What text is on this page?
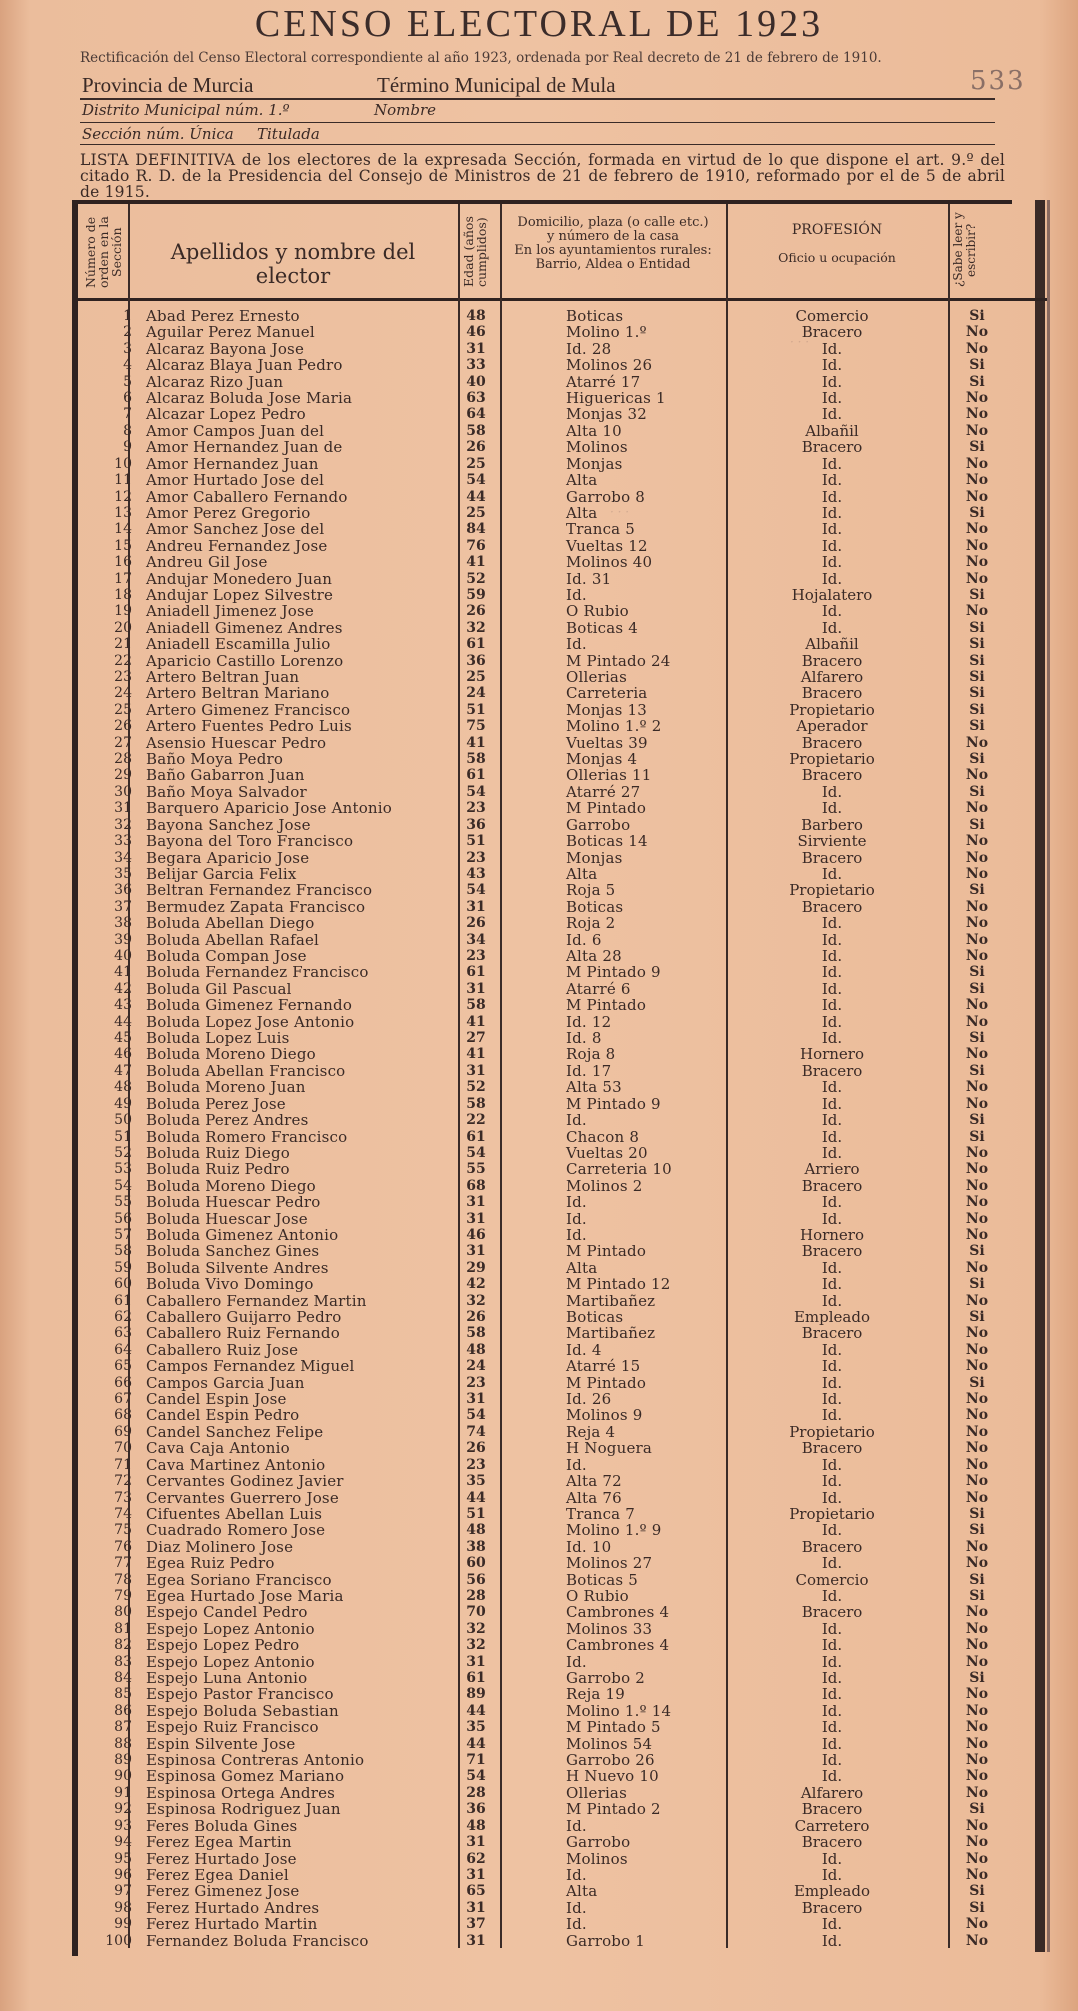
CENSO ELECTORAL DE 1923
Rectificación del Censo Electoral correspondiente al año 1923, ordenada por Real decreto de 21 de febrero de 1910.
533
Provincia de Murcia	Término Municipal de Mula
Distrito Municipal núm. 1.º	Nombre
Sección núm. Única Titulada
LISTA DEFINITIVA de los electores de la expresada Sección, formada en virtud de lo que dispone el art. 9.º del citado R. D. de la Presidencia del Consejo de Ministros de 21 de febrero de 1910, reformado por el de 5 de abril de 1915.
Número de orden en la Sección	Apellidos y nombre del elector	Edad (años cumplidos)	Domicilio, plaza (o calle etc.)
y número de la casa
En los ayuntamientos rurales:
Barrio, Aldea o Entidad
PROFESIÓN
Oficio u ocupación	¿Sabe leer y escribir?
· · ·
· · ·
1 Abad Perez Ernesto	48	Boticas	Comercio	Si
2 Aguilar Perez Manuel	46	Molino 1.º	Bracero	No
3 Alcaraz Bayona Jose	31	Id. 28	Id.	No
4 Alcaraz Blaya Juan Pedro	33	Molinos 26	Id.	Si
5 Alcaraz Rizo Juan	40	Atarré 17	Id.	Si
6 Alcaraz Boluda Jose Maria	63	Higuericas 1	Id.	No
7 Alcazar Lopez Pedro	64	Monjas 32	Id.	No
8 Amor Campos Juan del	58	Alta 10	Albañil	No
9 Amor Hernandez Juan de	26	Molinos	Bracero	Si
10 Amor Hernandez Juan	25	Monjas	Id.	No
11 Amor Hurtado Jose del	54	Alta	Id.	No
12 Amor Caballero Fernando	44	Garrobo 8	Id.	No
13 Amor Perez Gregorio	25	Alta	Id.	Si
14 Amor Sanchez Jose del	84	Tranca 5	Id.	No
15 Andreu Fernandez Jose	76	Vueltas 12	Id.	No
16 Andreu Gil Jose	41	Molinos 40	Id.	No
17 Andujar Monedero Juan	52	Id. 31	Id.	No
18 Andujar Lopez Silvestre	59	Id.	Hojalatero	Si
19 Aniadell Jimenez Jose	26	O Rubio	Id.	No
20 Aniadell Gimenez Andres	32	Boticas 4	Id.	Si
21 Aniadell Escamilla Julio	61	Id.	Albañil	Si
22 Aparicio Castillo Lorenzo	36	M Pintado 24	Bracero	Si
23 Artero Beltran Juan	25	Ollerias	Alfarero	Si
24 Artero Beltran Mariano	24	Carreteria	Bracero	Si
25 Artero Gimenez Francisco	51	Monjas 13	Propietario	Si
26 Artero Fuentes Pedro Luis	75	Molino 1.º 2	Aperador	Si
27 Asensio Huescar Pedro	41	Vueltas 39	Bracero	No
28 Baño Moya Pedro	58	Monjas 4	Propietario	Si
29 Baño Gabarron Juan	61	Ollerias 11	Bracero	No
30 Baño Moya Salvador	54	Atarré 27	Id.	Si
31 Barquero Aparicio Jose Antonio	23	M Pintado	Id.	No
32 Bayona Sanchez Jose	36	Garrobo	Barbero	Si
33 Bayona del Toro Francisco	51	Boticas 14	Sirviente	No
34 Begara Aparicio Jose	23	Monjas	Bracero	No
35 Belijar Garcia Felix	43	Alta	Id.	No
36 Beltran Fernandez Francisco	54	Roja 5	Propietario	Si
37 Bermudez Zapata Francisco	31	Boticas	Bracero	No
38 Boluda Abellan Diego	26	Roja 2	Id.	No
39 Boluda Abellan Rafael	34	Id. 6	Id.	No
40 Boluda Compan Jose	23	Alta 28	Id.	No
41 Boluda Fernandez Francisco	61	M Pintado 9	Id.	Si
42 Boluda Gil Pascual	31	Atarré 6	Id.	Si
43 Boluda Gimenez Fernando	58	M Pintado	Id.	No
44 Boluda Lopez Jose Antonio	41	Id. 12	Id.	No
45 Boluda Lopez Luis	27	Id. 8	Id.	Si
46 Boluda Moreno Diego	41	Roja 8	Hornero	No
47 Boluda Abellan Francisco	31	Id. 17	Bracero	Si
48 Boluda Moreno Juan	52	Alta 53	Id.	No
49 Boluda Perez Jose	58	M Pintado 9	Id.	No
50 Boluda Perez Andres	22	Id.	Id.	Si
51 Boluda Romero Francisco	61	Chacon 8	Id.	Si
52 Boluda Ruiz Diego	54	Vueltas 20	Id.	No
53 Boluda Ruiz Pedro	55	Carreteria 10	Arriero	No
54 Boluda Moreno Diego	68	Molinos 2	Bracero	No
55 Boluda Huescar Pedro	31	Id.	Id.	No
56 Boluda Huescar Jose	31	Id.	Id.	No
57 Boluda Gimenez Antonio	46	Id.	Hornero	No
58 Boluda Sanchez Gines	31	M Pintado	Bracero	Si
59 Boluda Silvente Andres	29	Alta	Id.	No
60 Boluda Vivo Domingo	42	M Pintado 12	Id.	Si
61 Caballero Fernandez Martin	32	Martibañez	Id.	No
62 Caballero Guijarro Pedro	26	Boticas	Empleado	Si
63 Caballero Ruiz Fernando	58	Martibañez	Bracero	No
64 Caballero Ruiz Jose	48	Id. 4	Id.	No
65 Campos Fernandez Miguel	24	Atarré 15	Id.	No
66 Campos Garcia Juan	23	M Pintado	Id.	Si
67 Candel Espin Jose	31	Id. 26	Id.	No
68 Candel Espin Pedro	54	Molinos 9	Id.	No
69 Candel Sanchez Felipe	74	Reja 4	Propietario	No
70 Cava Caja Antonio	26	H Noguera	Bracero	No
71 Cava Martinez Antonio	23	Id.	Id.	No
72 Cervantes Godinez Javier	35	Alta 72	Id.	No
73 Cervantes Guerrero Jose	44	Alta 76	Id.	No
74 Cifuentes Abellan Luis	51	Tranca 7	Propietario	Si
75 Cuadrado Romero Jose	48	Molino 1.º 9	Id.	Si
76 Diaz Molinero Jose	38	Id. 10	Bracero	No
77 Egea Ruiz Pedro	60	Molinos 27	Id.	No
78 Egea Soriano Francisco	56	Boticas 5	Comercio	Si
79 Egea Hurtado Jose Maria	28	O Rubio	Id.	Si
80 Espejo Candel Pedro	70	Cambrones 4	Bracero	No
81 Espejo Lopez Antonio	32	Molinos 33	Id.	No
82 Espejo Lopez Pedro	32	Cambrones 4	Id.	No
83 Espejo Lopez Antonio	31	Id.	Id.	No
84 Espejo Luna Antonio	61	Garrobo 2	Id.	Si
85 Espejo Pastor Francisco	89	Reja 19	Id.	No
86 Espejo Boluda Sebastian	44	Molino 1.º 14	Id.	No
87 Espejo Ruiz Francisco	35	M Pintado 5	Id.	No
88 Espin Silvente Jose	44	Molinos 54	Id.	No
89 Espinosa Contreras Antonio	71	Garrobo 26	Id.	No
90 Espinosa Gomez Mariano	54	H Nuevo 10	Id.	No
91 Espinosa Ortega Andres	28	Ollerias	Alfarero	No
92 Espinosa Rodriguez Juan	36	M Pintado 2	Bracero	Si
93 Feres Boluda Gines	48	Id.	Carretero	No
94 Ferez Egea Martin	31	Garrobo	Bracero	No
95 Ferez Hurtado Jose	62	Molinos	Id.	No
96 Ferez Egea Daniel	31	Id.	Id.	No
97 Ferez Gimenez Jose	65	Alta	Empleado	Si
98 Ferez Hurtado Andres	31	Id.	Bracero	Si
99 Ferez Hurtado Martin	37	Id.	Id.	No
100 Fernandez Boluda Francisco	31	Garrobo 1	Id.	No
